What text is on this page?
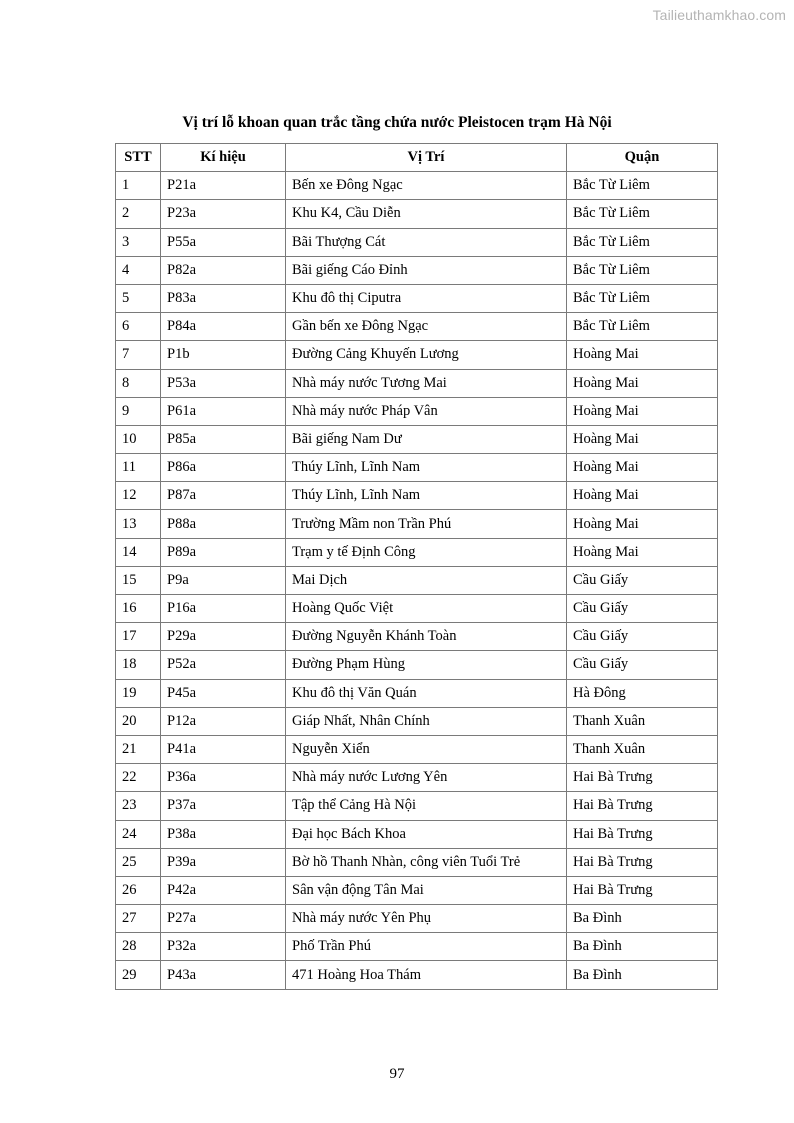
Tailieuthamkhao.com
Vị trí lỗ khoan quan trắc tầng chứa nước Pleistocen trạm Hà Nội
STT	Kí hiệu	Vị Trí	Quận
1	P21a	Bến xe Đông Ngạc	Bắc Từ Liêm
2	P23a	Khu K4, Cầu Diễn	Bắc Từ Liêm
3	P55a	Bãi Thượng Cát	Bắc Từ Liêm
4	P82a	Bãi giếng Cáo Đỉnh	Bắc Từ Liêm
5	P83a	Khu đô thị Ciputra	Bắc Từ Liêm
6	P84a	Gần bến xe Đông Ngạc	Bắc Từ Liêm
7	P1b	Đường Cảng Khuyến Lương	Hoàng Mai
8	P53a	Nhà máy nước Tương Mai	Hoàng Mai
9	P61a	Nhà máy nước Pháp Vân	Hoàng Mai
10	P85a	Bãi giếng Nam Dư	Hoàng Mai
11	P86a	Thúy Lĩnh, Lĩnh Nam	Hoàng Mai
12	P87a	Thúy Lĩnh, Lĩnh Nam	Hoàng Mai
13	P88a	Trường Mầm non Trần Phú	Hoàng Mai
14	P89a	Trạm y tế Định Công	Hoàng Mai
15	P9a	Mai Dịch	Cầu Giấy
16	P16a	Hoàng Quốc Việt	Cầu Giấy
17	P29a	Đường Nguyễn Khánh Toàn	Cầu Giấy
18	P52a	Đường Phạm Hùng	Cầu Giấy
19	P45a	Khu đô thị Văn Quán	Hà Đông
20	P12a	Giáp Nhất, Nhân Chính	Thanh Xuân
21	P41a	Nguyễn Xiển	Thanh Xuân
22	P36a	Nhà máy nước Lương Yên	Hai Bà Trưng
23	P37a	Tập thể Cảng Hà Nội	Hai Bà Trưng
24	P38a	Đại học Bách Khoa	Hai Bà Trưng
25	P39a	Bờ hồ Thanh Nhàn, công viên Tuổi Trẻ	Hai Bà Trưng
26	P42a	Sân vận động Tân Mai	Hai Bà Trưng
27	P27a	Nhà máy nước Yên Phụ	Ba Đình
28	P32a	Phố Trần Phú	Ba Đình
29	P43a	471 Hoàng Hoa Thám	Ba Đình
97
